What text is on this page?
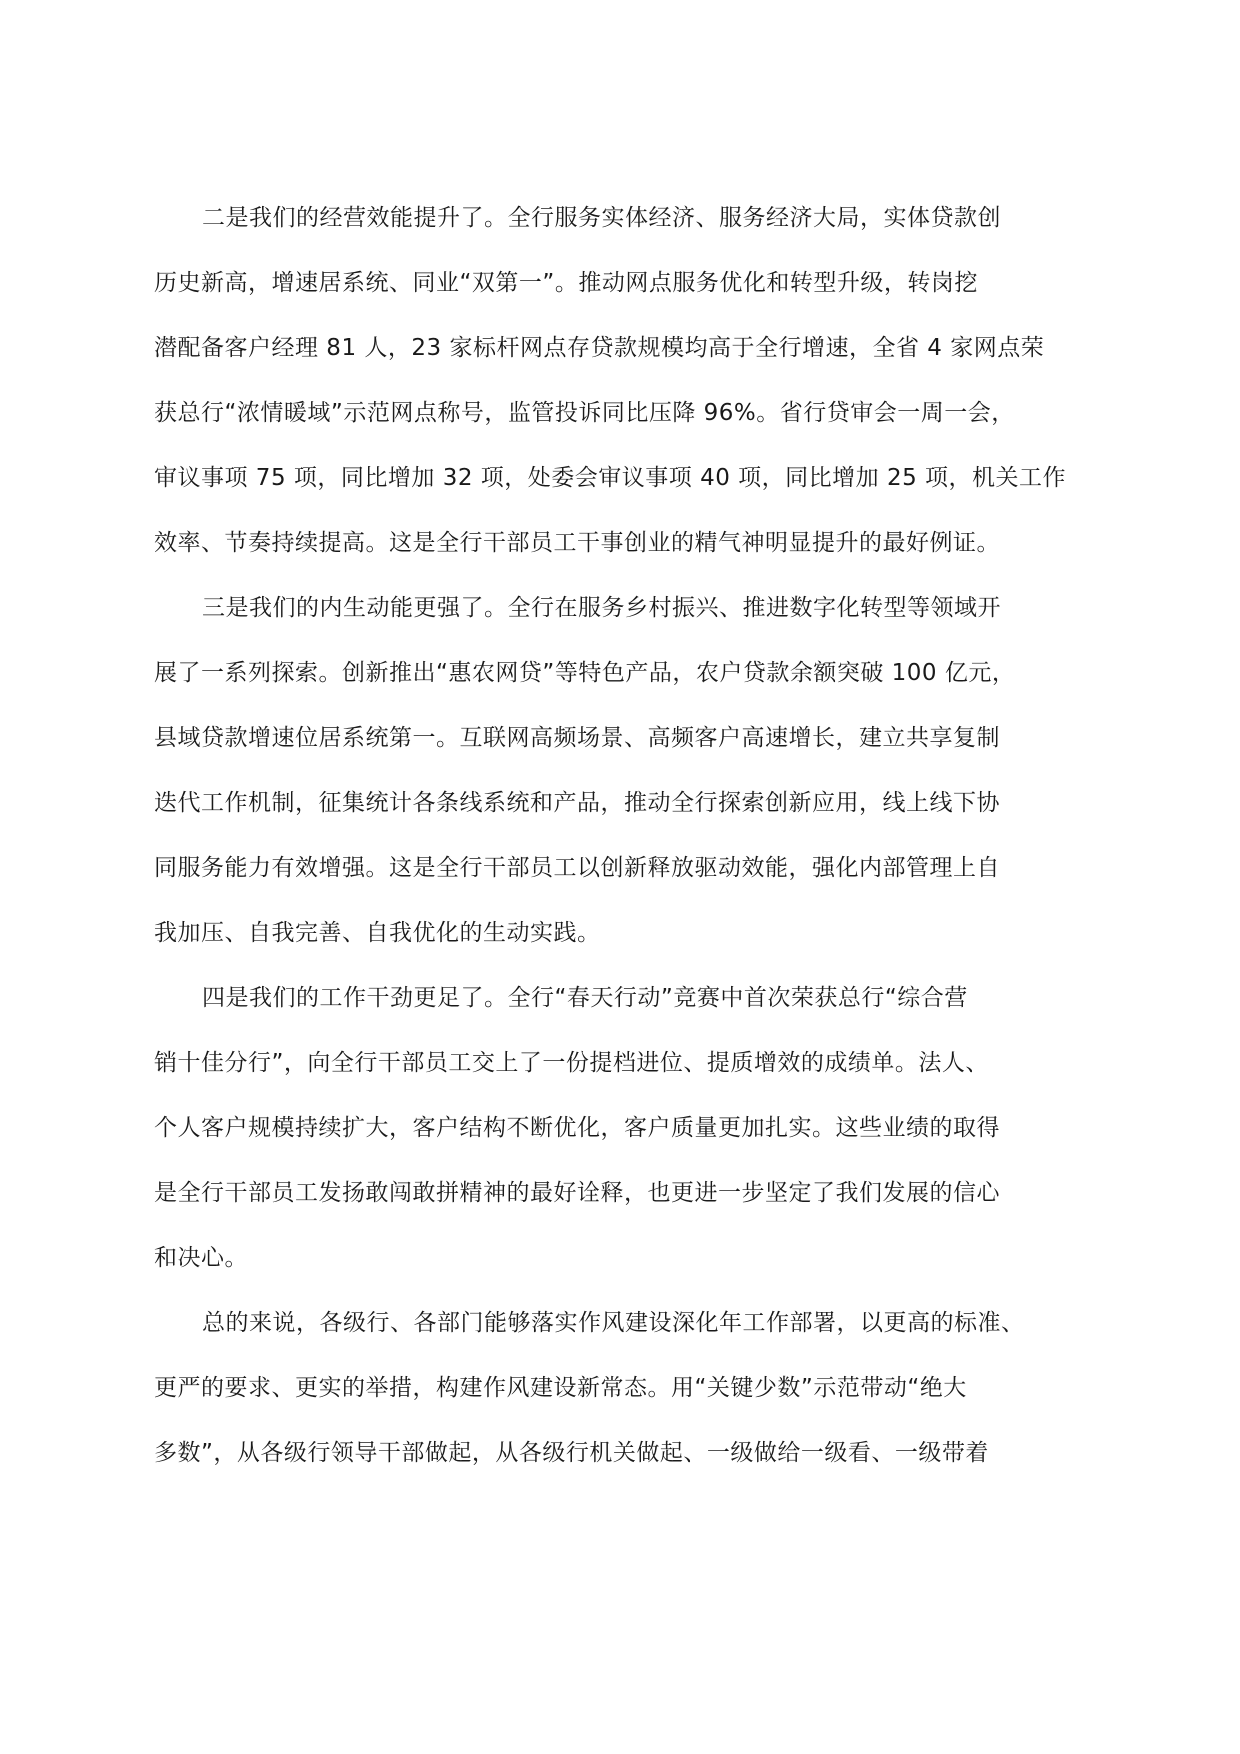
二是我们的经营效能提升了。全行服务实体经济、服务经济大局，实体贷款创
历史新高，增速居系统、同业“双第一”。推动网点服务优化和转型升级，转岗挖
潜配备客户经理 81 人，23 家标杆网点存贷款规模均高于全行增速，全省 4 家网点荣
获总行“浓情暖域”示范网点称号，监管投诉同比压降 96%。省行贷审会一周一会，
审议事项 75 项，同比增加 32 项，处委会审议事项 40 项，同比增加 25 项，机关工作
效率、节奏持续提高。这是全行干部员工干事创业的精气神明显提升的最好例证。

三是我们的内生动能更强了。全行在服务乡村振兴、推进数字化转型等领域开
展了一系列探索。创新推出“惠农网贷”等特色产品，农户贷款余额突破 100 亿元，
县域贷款增速位居系统第一。互联网高频场景、高频客户高速增长，建立共享复制
迭代工作机制，征集统计各条线系统和产品，推动全行探索创新应用，线上线下协
同服务能力有效增强。这是全行干部员工以创新释放驱动效能，强化内部管理上自
我加压、自我完善、自我优化的生动实践。

四是我们的工作干劲更足了。全行“春天行动”竞赛中首次荣获总行“综合营
销十佳分行”，向全行干部员工交上了一份提档进位、提质增效的成绩单。法人、
个人客户规模持续扩大，客户结构不断优化，客户质量更加扎实。这些业绩的取得
是全行干部员工发扬敢闯敢拼精神的最好诠释，也更进一步坚定了我们发展的信心
和决心。

总的来说，各级行、各部门能够落实作风建设深化年工作部署，以更高的标准、
更严的要求、更实的举措，构建作风建设新常态。用“关键少数”示范带动“绝大
多数”，从各级行领导干部做起，从各级行机关做起、一级做给一级看、一级带着
